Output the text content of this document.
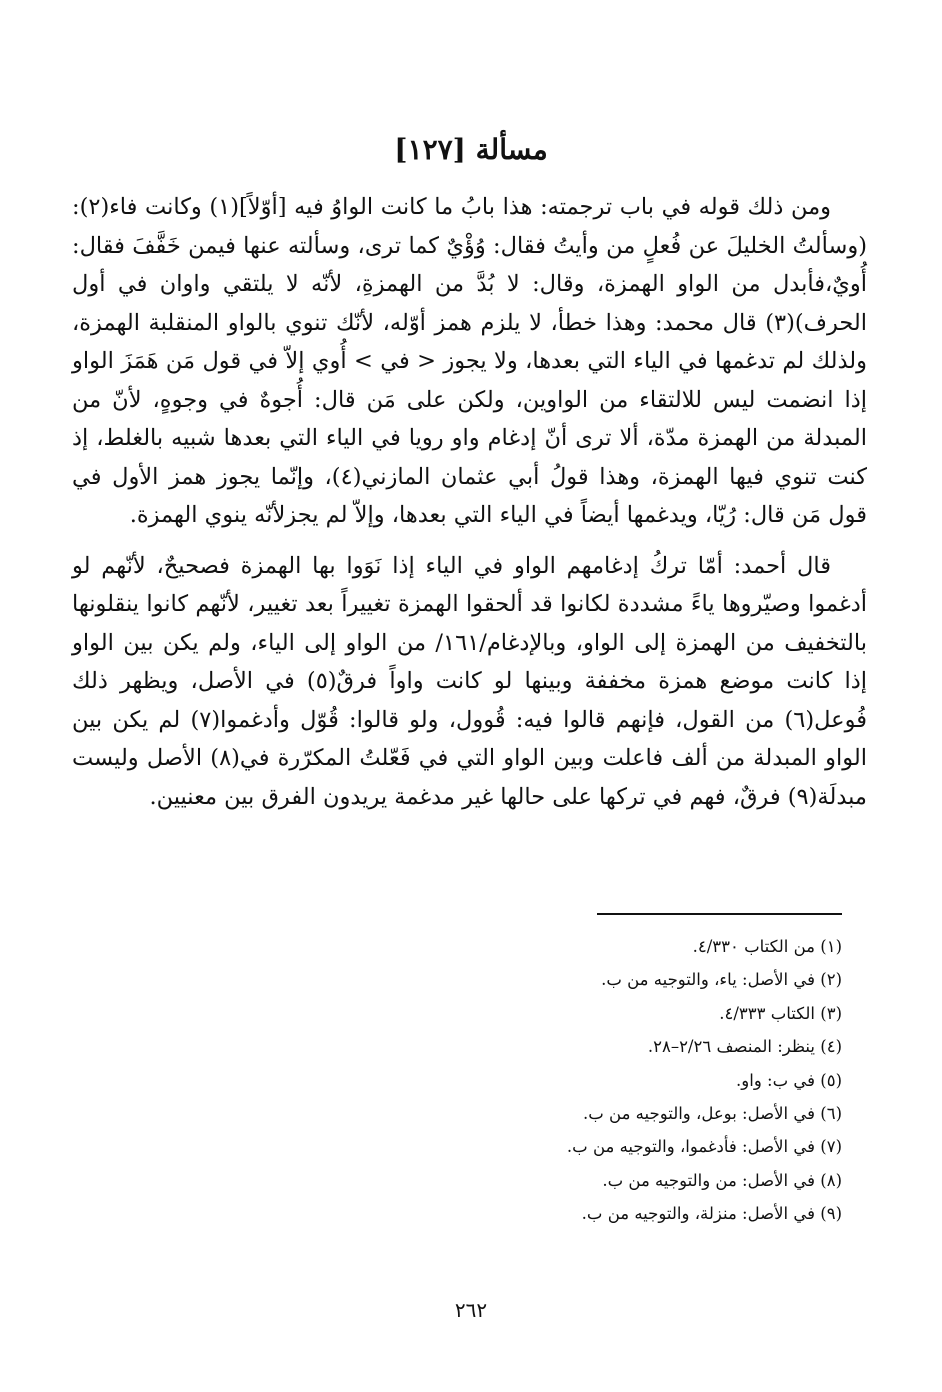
مسألة [١٢٧]

ومن ذلك قوله في باب ترجمته: هذا بابُ ما كانت الواوُ فيه [أوّلاً](١) وكانت فاء(٢): (وسألتُ الخليلَ عن فُعلٍ من وأيتُ فقال: وُؤْيٌ كما ترى، وسألته عنها فيمن خَفَّفَ فقال: أُويٌ،فأبدل من الواو الهمزة، وقال: لا بُدَّ من الهمزةِ، لأنّه لا يلتقي واوان في أول الحرف)(٣) قال محمد: وهذا خطأ، لا يلزم همز أوّله، لأنّك تنوي بالواو المنقلبة الهمزة، ولذلك لم تدغمها في الياء التي بعدها، ولا يجوز < في > أُوي إلاّ في قول مَن هَمَزَ الواو إذا انضمت ليس للالتقاء من الواوين، ولكن على مَن قال: أُجوهٌ في وجوهٍ، لأنّ من المبدلة من الهمزة مدّة، ألا ترى أنّ إدغام واو رويا في الياء التي بعدها شبيه بالغلط، إذ كنت تنوي فيها الهمزة، وهذا قولُ أبي عثمان المازني(٤)، وإنّما يجوز همز الأول في قول مَن قال: رُيّا، ويدغمها أيضاً في الياء التي بعدها، وإلاّ لم يجزلأنّه ينوي الهمزة.

قال أحمد: أمّا تركُ إدغامهم الواو في الياء إذا نَوَوا بها الهمزة فصحيحٌ، لأنّهم لو أدغموا وصيّروها ياءً مشددة لكانوا قد ألحقوا الهمزة تغييراً بعد تغيير، لأنّهم كانوا ينقلونها بالتخفيف من الهمزة إلى الواو، وبالإدغام/١٦١/ من الواو إلى الياء، ولم يكن بين الواو إذا كانت موضع همزة مخففة وبينها لو كانت واواً فرقٌ(٥) في الأصل، ويظهر ذلك فُوعل(٦) من القول، فإنهم قالوا فيه: قُوول، ولو قالوا: قُوّل وأدغموا(٧) لم يكن بين الواو المبدلة من ألف فاعلت وبين الواو التي في فَعّلتُ المكرّرة في(٨) الأصل وليست مبدلَة(٩) فرقٌ، فهم في تركها على حالها غير مدغمة يريدون الفرق بين معنيين.

(١) من الكتاب ٤/٣٣٠.

(٢) في الأصل: ياء، والتوجيه من ب.

(٣) الكتاب ٤/٣٣٣.

(٤) ينظر: المنصف ٢/٢٦–٢٨.

(٥) في ب: واو.

(٦) في الأصل: بوعل، والتوجيه من ب.

(٧) في الأصل: فأدغموا، والتوجيه من ب.

(٨) في الأصل: من والتوجيه من ب.

(٩) في الأصل: منزلة، والتوجيه من ب.

٢٦٢
